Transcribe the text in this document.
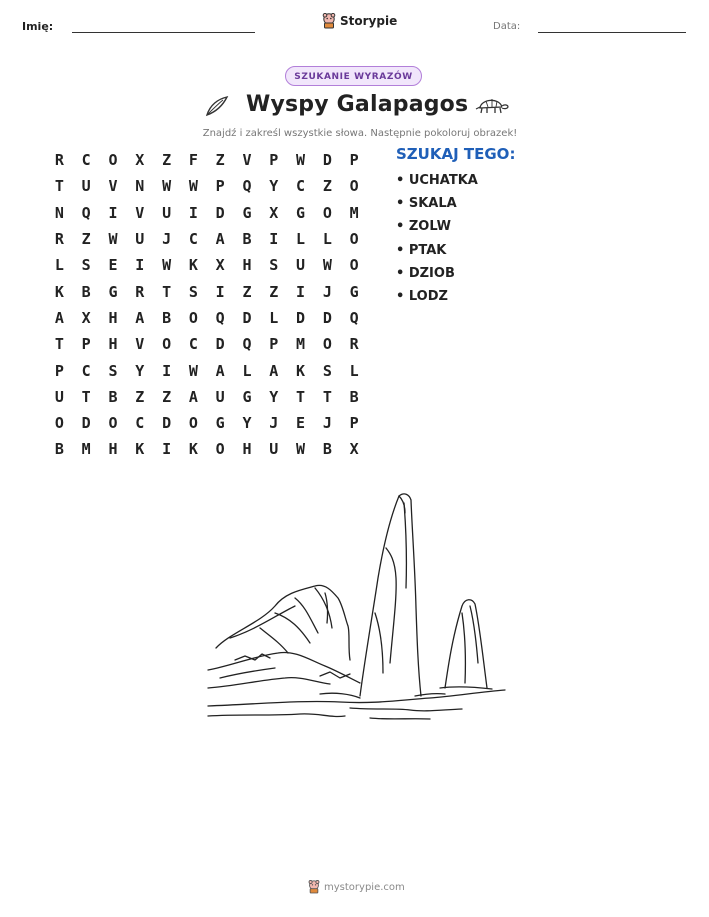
Imię:	Storypie	Data:
SZUKANIE WYRAZÓW
Wyspy Galapagos
Znajdź i zakreśl wszystkie słowa. Następnie pokoloruj obrazek!
R	C	O	X	Z	F	Z	V	P	W	D	P
T	U	V	N	W	W	P	Q	Y	C	Z	O
N	Q	I	V	U	I	D	G	X	G	O	M
R	Z	W	U	J	C	A	B	I	L	L	O
L	S	E	I	W	K	X	H	S	U	W	O
K	B	G	R	T	S	I	Z	Z	I	J	G
A	X	H	A	B	O	Q	D	L	D	D	Q
T	P	H	V	O	C	D	Q	P	M	O	R
P	C	S	Y	I	W	A	L	A	K	S	L
U	T	B	Z	Z	A	U	G	Y	T	T	B
O	D	O	C	D	O	G	Y	J	E	J	P
B	M	H	K	I	K	O	H	U	W	B	X
SZUKAJ TEGO:
• UCHATKA
• SKALA
• ZOLW
• PTAK
• DZIOB
• LODZ
mystorypie.com
